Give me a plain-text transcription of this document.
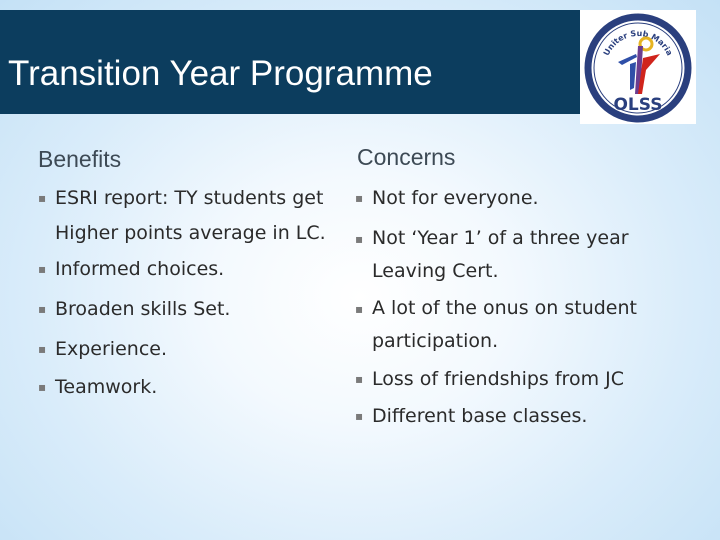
Transition Year Programme
Uniter Sub Maria
OLSS
Benefits	Concerns
▪ ESRI report: TY students get Higher points average in LC.
▪ Informed choices.
▪ Broaden skills Set.
▪ Experience.
▪ Teamwork.
▪ Not for everyone.
▪ Not ‘Year 1’ of a three year Leaving Cert.
▪ A lot of the onus on student participation.
▪ Loss of friendships from JC
▪ Different base classes.
